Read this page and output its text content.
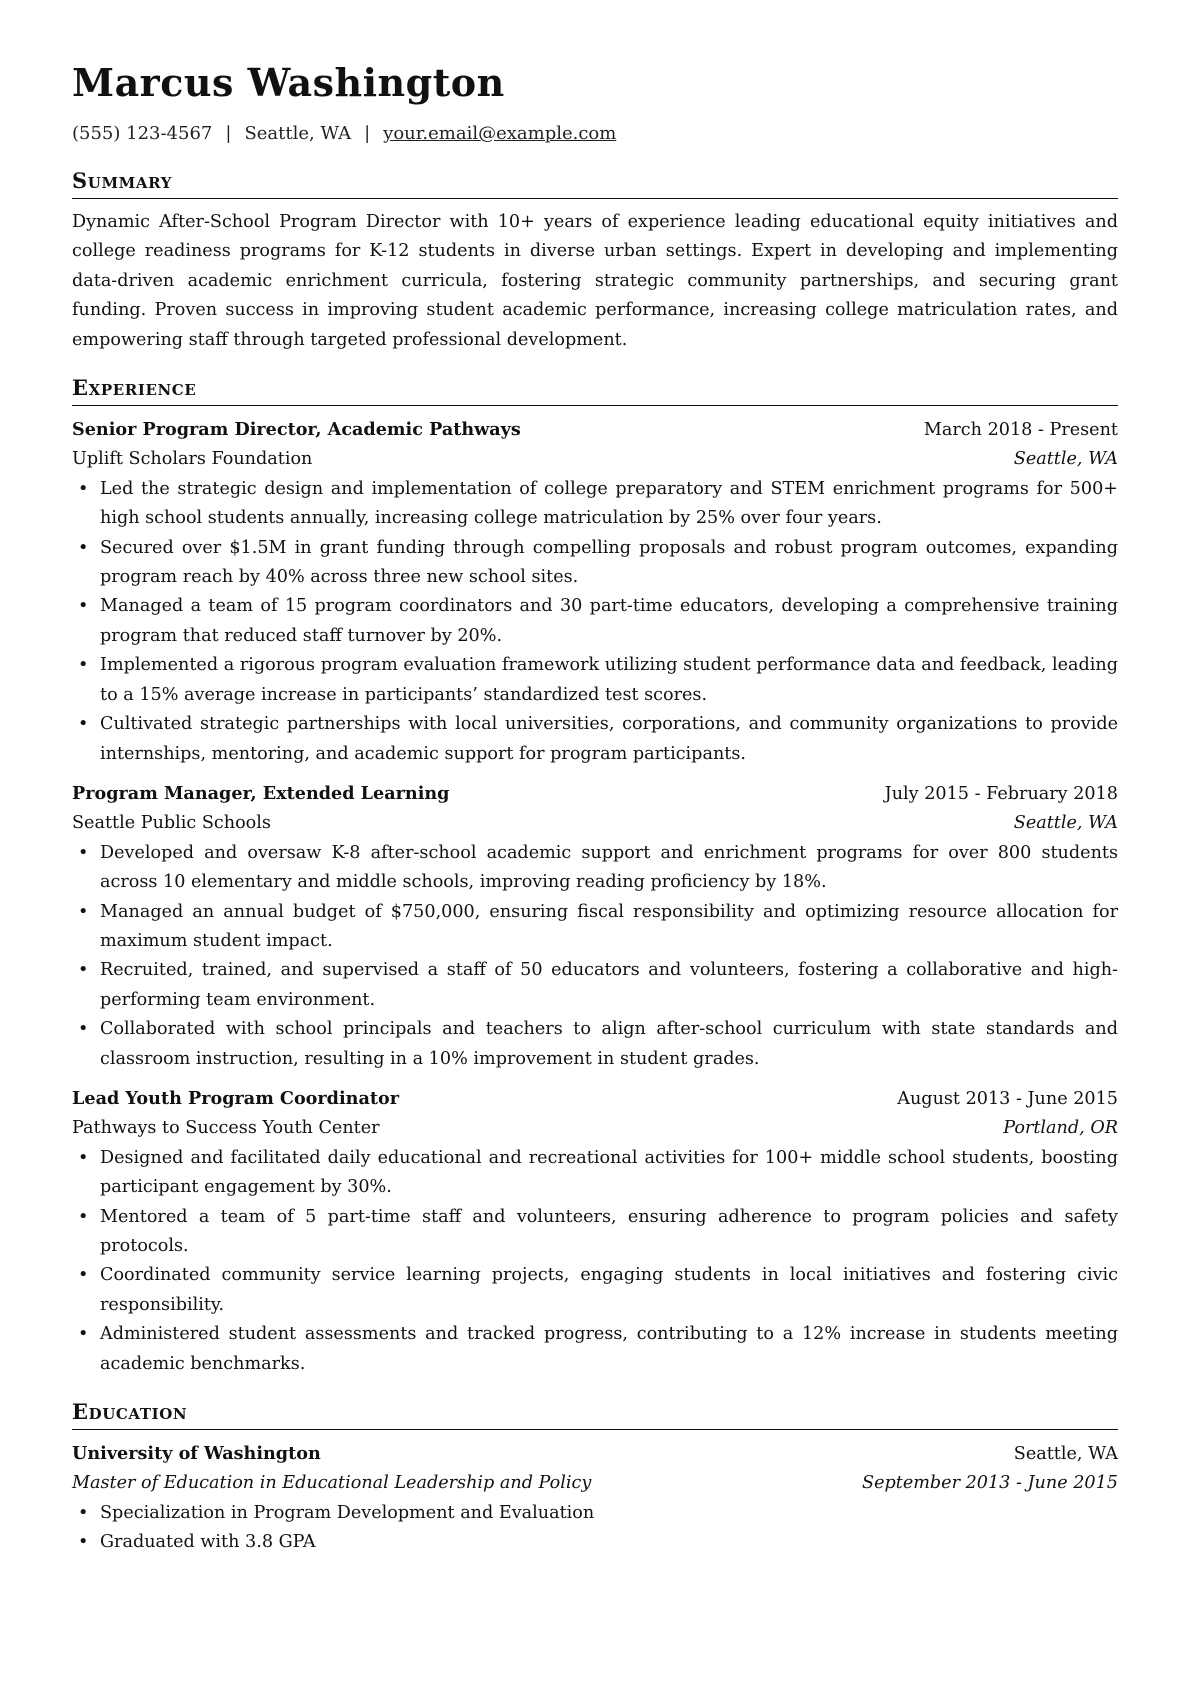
Marcus Washington
(555) 123-4567 | Seattle, WA | your.email@example.com
Summary
Dynamic After-School Program Director with 10+ years of experience leading educational equity initiatives and college readiness programs for K-12 students in diverse urban settings. Expert in developing and implementing data-driven academic enrichment curricula, fostering strategic community partnerships, and securing grant funding. Proven success in improving student academic performance, increasing college matriculation rates, and empowering staff through targeted professional development.
Experience
Senior Program Director, Academic Pathways	March 2018 - Present
Uplift Scholars Foundation	Seattle, WA
• Led the strategic design and implementation of college preparatory and STEM enrichment programs for 500+ high school students annually, increasing college matriculation by 25% over four years.
• Secured over $1.5M in grant funding through compelling proposals and robust program outcomes, expanding program reach by 40% across three new school sites.
• Managed a team of 15 program coordinators and 30 part-time educators, developing a comprehensive training program that reduced staff turnover by 20%.
• Implemented a rigorous program evaluation framework utilizing student performance data and feedback, leading to a 15% average increase in participants’ standardized test scores.
• Cultivated strategic partnerships with local universities, corporations, and community organizations to provide internships, mentoring, and academic support for program participants.
Program Manager, Extended Learning	July 2015 - February 2018
Seattle Public Schools	Seattle, WA
• Developed and oversaw K-8 after-school academic support and enrichment programs for over 800 students across 10 elementary and middle schools, improving reading proficiency by 18%.
• Managed an annual budget of $750,000, ensuring fiscal responsibility and optimizing resource allocation for maximum student impact.
• Recruited, trained, and supervised a staff of 50 educators and volunteers, fostering a collaborative and high-performing team environment.
• Collaborated with school principals and teachers to align after-school curriculum with state standards and classroom instruction, resulting in a 10% improvement in student grades.
Lead Youth Program Coordinator	August 2013 - June 2015
Pathways to Success Youth Center	Portland, OR
• Designed and facilitated daily educational and recreational activities for 100+ middle school students, boosting participant engagement by 30%.
• Mentored a team of 5 part-time staff and volunteers, ensuring adherence to program policies and safety protocols.
• Coordinated community service learning projects, engaging students in local initiatives and fostering civic responsibility.
• Administered student assessments and tracked progress, contributing to a 12% increase in students meeting academic benchmarks.
Education
University of Washington	Seattle, WA
Master of Education in Educational Leadership and Policy	September 2013 - June 2015
• Specialization in Program Development and Evaluation
• Graduated with 3.8 GPA
